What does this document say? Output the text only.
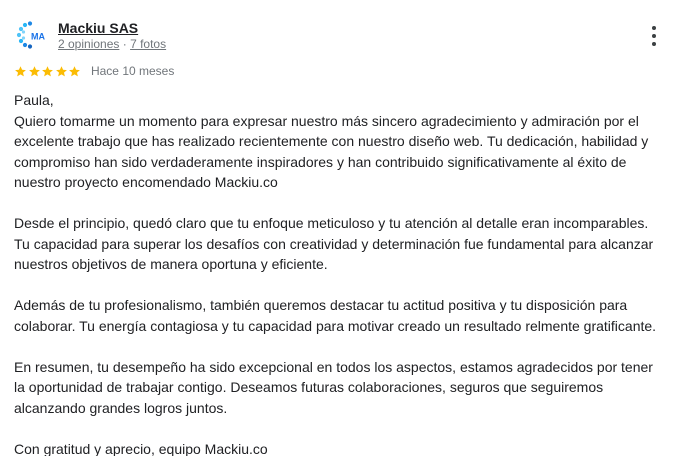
MA
Mackiu SAS
2 opiniones · 7 fotos
Hace 10 meses

Paula,

Quiero tomarme un momento para expresar nuestro más sincero agradecimiento y admiración por el excelente trabajo que has realizado recientemente con nuestro diseño web. Tu dedicación, habilidad y compromiso han sido verdaderamente inspiradores y han contribuido significativamente al éxito de nuestro proyecto encomendado Mackiu.co

Desde el principio, quedó claro que tu enfoque meticuloso y tu atención al detalle eran incomparables. Tu capacidad para superar los desafíos con creatividad y determinación fue fundamental para alcanzar nuestros objetivos de manera oportuna y eficiente.

Además de tu profesionalismo, también queremos destacar tu actitud positiva y tu disposición para colaborar. Tu energía contagiosa y tu capacidad para motivar creado un resultado relmente gratificante.

En resumen, tu desempeño ha sido excepcional en todos los aspectos, estamos agradecidos por tener la oportunidad de trabajar contigo. Deseamos futuras colaboraciones, seguros que seguiremos alcanzando grandes logros juntos.

Con gratitud y aprecio, equipo Mackiu.co
